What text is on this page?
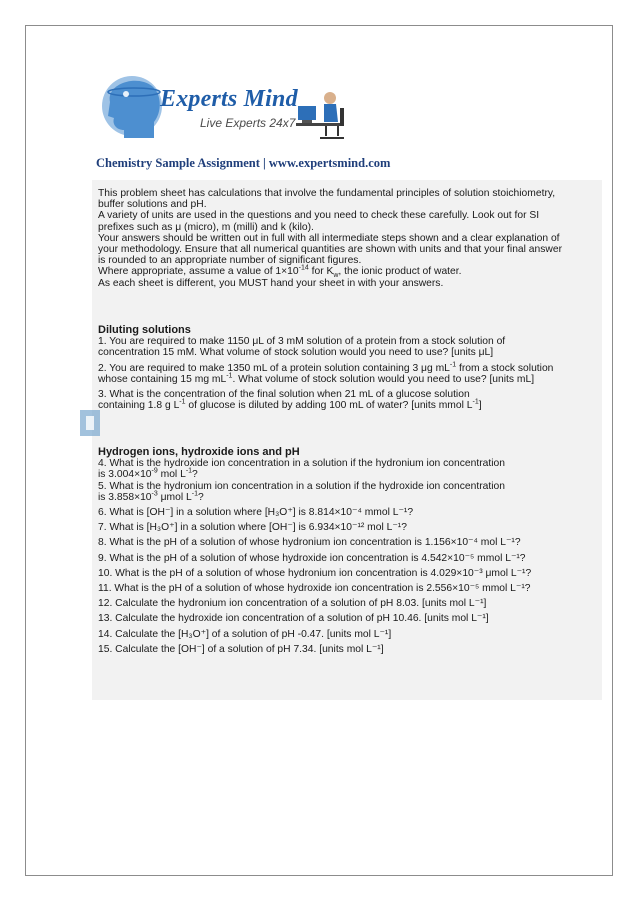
Experts Mind
Live Experts 24x7
Chemistry Sample Assignment | www.expertsmind.com

This problem sheet has calculations that involve the fundamental principles of solution stoichiometry,

buffer solutions and pH.

A variety of units are used in the questions and you need to check these carefully. Look out for SI

prefixes such as μ (micro), m (milli) and k (kilo).

Your answers should be written out in full with all intermediate steps shown and a clear explanation of

your methodology. Ensure that all numerical quantities are shown with units and that your final answer

is rounded to an appropriate number of significant figures.

Where appropriate, assume a value of $1\times 10^{-14}$ for $K_w$, the ionic product of water.

As each sheet is different, you MUST hand your sheet in with your answers.

Diluting solutions

1. You are required to make 1150 μL of 3 mM solution of a protein from a stock solution of

concentration 15 mM. What volume of stock solution would you need to use? [units μL]

2. You are required to make 1350 mL of a protein solution containing 3 μg $mL^{-1}$ from a stock solution

whose containing 15 mg $mL^{-1}$. What volume of stock solution would you need to use? [units mL]

3. What is the concentration of the final solution when 21 mL of a glucose solution

containing 1.8 g $L^{-1}$ of glucose is diluted by adding 100 mL of water? [units mmol $L^{-1}$]

Hydrogen ions, hydroxide ions and pH

4. What is the hydroxide ion concentration in a solution if the hydronium ion concentration

is $3.004\times 10^{-9}$ mol $L^{-1}$?

5. What is the hydronium ion concentration in a solution if the hydroxide ion concentration

is $3.858\times 10^{-3}$ μmol $L^{-1}$?

6. What is [OH⁻] in a solution where [H₃O⁺] is 8.814×10⁻⁴ mmol L⁻¹?

7. What is [H₃O⁺] in a solution where [OH⁻] is 6.934×10⁻¹² mol L⁻¹?

8. What is the pH of a solution of whose hydronium ion concentration is 1.156×10⁻⁴ mol L⁻¹?

9. What is the pH of a solution of whose hydroxide ion concentration is 4.542×10⁻⁵ mmol L⁻¹?

10. What is the pH of a solution of whose hydronium ion concentration is 4.029×10⁻³ μmol L⁻¹?

11. What is the pH of a solution of whose hydroxide ion concentration is 2.556×10⁻⁵ mmol L⁻¹?

12. Calculate the hydronium ion concentration of a solution of pH 8.03. [units mol L⁻¹]

13. Calculate the hydroxide ion concentration of a solution of pH 10.46. [units mol L⁻¹]

14. Calculate the [H₃O⁺] of a solution of pH -0.47. [units mol L⁻¹]

15. Calculate the [OH⁻] of a solution of pH 7.34. [units mol L⁻¹]
